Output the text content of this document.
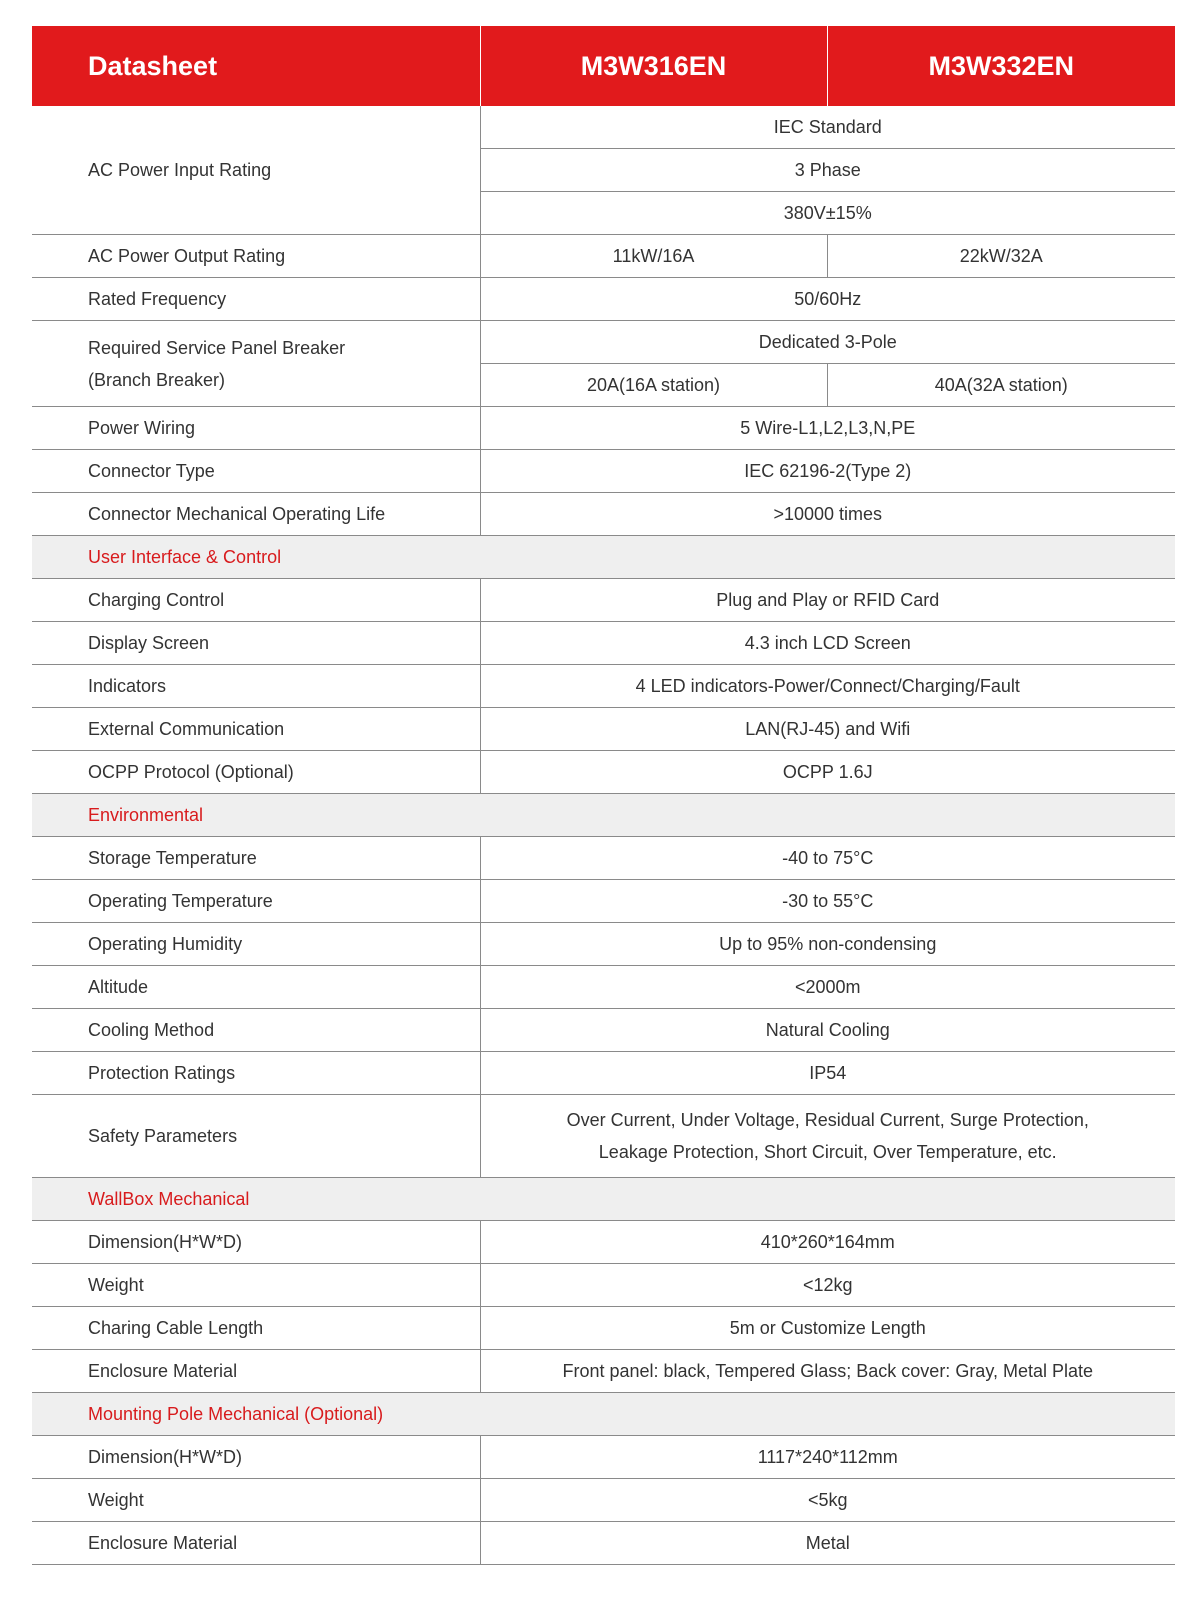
Datasheet	M3W316EN	M3W332EN
AC Power Input Rating	IEC Standard	
	3 Phase	
	380V±15%	
AC Power Output Rating	11kW/16A	22kW/32A
Rated Frequency	50/60Hz	
Required Service Panel Breaker
(Branch Breaker)	Dedicated 3-Pole	
	20A(16A station)	40A(32A station)
Power Wiring	5 Wire-L1,L2,L3,N,PE	
Connector Type	IEC 62196-2(Type 2)	
Connector Mechanical Operating Life	>10000 times	
User Interface & Control		
Charging Control	Plug and Play or RFID Card	
Display Screen	4.3 inch LCD Screen	
Indicators	4 LED indicators-Power/Connect/Charging/Fault	
External Communication	LAN(RJ-45) and Wifi	
OCPP Protocol (Optional)	OCPP 1.6J	
Environmental		
Storage Temperature	-40 to 75°C	
Operating Temperature	-30 to 55°C	
Operating Humidity	Up to 95% non-condensing	
Altitude	<2000m	
Cooling Method	Natural Cooling	
Protection Ratings	IP54	
Safety Parameters	Over Current, Under Voltage, Residual Current, Surge Protection,
Leakage Protection, Short Circuit, Over Temperature, etc.	
WallBox Mechanical		
Dimension(H*W*D)	410*260*164mm	
Weight	<12kg	
Charing Cable Length	5m or Customize Length	
Enclosure Material	Front panel: black, Tempered Glass; Back cover: Gray, Metal Plate	
Mounting Pole Mechanical (Optional)		
Dimension(H*W*D)	1117*240*112mm	
Weight	<5kg	
Enclosure Material	Metal	
